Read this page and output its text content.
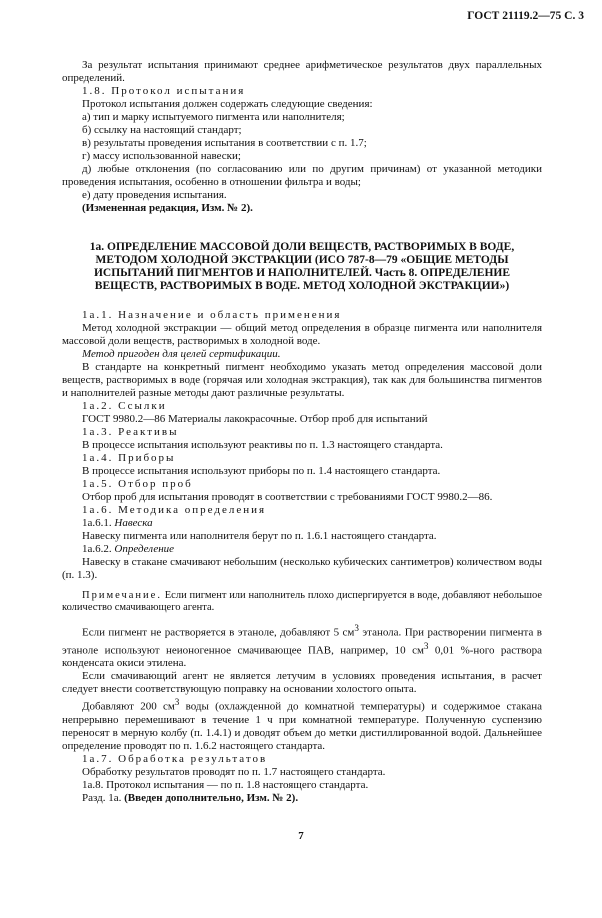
ГОСТ 21119.2—75 С. 3

За результат испытания принимают среднее арифметическое результатов двух параллельных определений.

1.8. Протокол испытания

Протокол испытания должен содержать следующие сведения:

а) тип и марку испытуемого пигмента или наполнителя;

б) ссылку на настоящий стандарт;

в) результаты проведения испытания в соответствии с п. 1.7;

г) массу использованной навески;

д) любые отклонения (по согласованию или по другим причинам) от указанной методики проведения испытания, особенно в отношении фильтра и воды;

е) дату проведения испытания.

(Измененная редакция, Изм. № 2).

1а. ОПРЕДЕЛЕНИЕ МАССОВОЙ ДОЛИ ВЕЩЕСТВ, РАСТВОРИМЫХ В ВОДЕ, МЕТОДОМ ХОЛОДНОЙ ЭКСТРАКЦИИ (ИСО 787-8—79 «ОБЩИЕ МЕТОДЫ ИСПЫТАНИЙ ПИГМЕНТОВ И НАПОЛНИТЕЛЕЙ. Часть 8. ОПРЕДЕЛЕНИЕ ВЕЩЕСТВ, РАСТВОРИМЫХ В ВОДЕ. МЕТОД ХОЛОДНОЙ ЭКСТРАКЦИИ»)

1а.1. Назначение и область применения

Метод холодной экстракции — общий метод определения в образце пигмента или наполнителя массовой доли веществ, растворимых в холодной воде.

Метод пригоден для целей сертификации.

В стандарте на конкретный пигмент необходимо указать метод определения массовой доли веществ, растворимых в воде (горячая или холодная экстракция), так как для большинства пигментов и наполнителей разные методы дают различные результаты.

1а.2. Ссылки

ГОСТ 9980.2—86 Материалы лакокрасочные. Отбор проб для испытаний

1а.3. Реактивы

В процессе испытания используют реактивы по п. 1.3 настоящего стандарта.

1а.4. Приборы

В процессе испытания используют приборы по п. 1.4 настоящего стандарта.

1а.5. Отбор проб

Отбор проб для испытания проводят в соответствии с требованиями ГОСТ 9980.2—86.

1а.6. Методика определения

1а.6.1. Навеска

Навеску пигмента или наполнителя берут по п. 1.6.1 настоящего стандарта.

1а.6.2. Определение

Навеску в стакане смачивают небольшим (несколько кубических сантиметров) количеством воды (п. 1.3).

Примечание. Если пигмент или наполнитель плохо диспергируется в воде, добавляют небольшое количество смачивающего агента.

Если пигмент не растворяется в этаноле, добавляют 5 $см^3$ этанола. При растворении пигмента в этаноле используют неионогенное смачивающее ПАВ, например, 10 $см^3$ 0,01 %-ного раствора конденсата окиси этилена.

Если смачивающий агент не является летучим в условиях проведения испытания, в расчет следует внести соответствующую поправку на основании холостого опыта.

Добавляют 200 $см^3$ воды (охлажденной до комнатной температуры) и содержимое стакана непрерывно перемешивают в течение 1 ч при комнатной температуре. Полученную суспензию переносят в мерную колбу (п. 1.4.1) и доводят объем до метки дистиллированной водой. Дальнейшее определение проводят по п. 1.6.2 настоящего стандарта.

1а.7. Обработка результатов

Обработку результатов проводят по п. 1.7 настоящего стандарта.

1а.8. Протокол испытания — по п. 1.8 настоящего стандарта.

Разд. 1а. (Введен дополнительно, Изм. № 2).

7
